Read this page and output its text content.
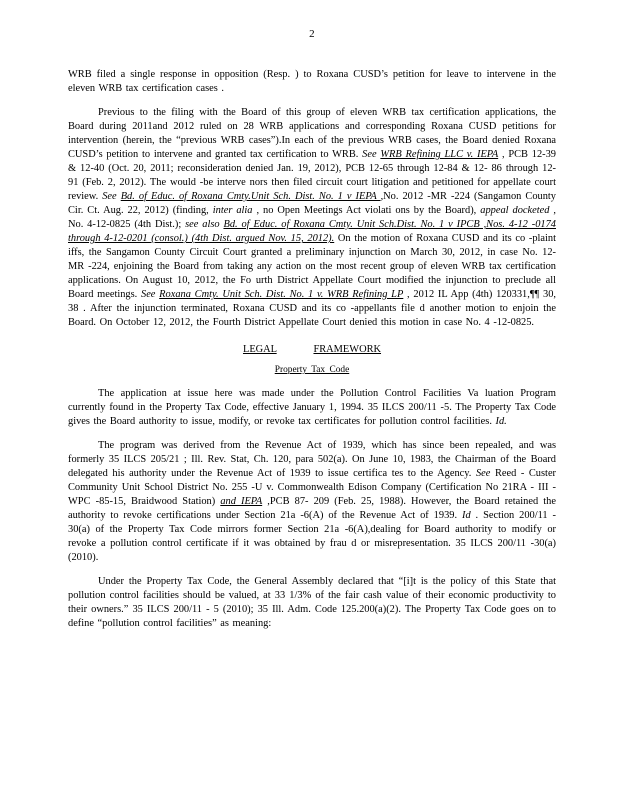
2

WRB filed a single response in opposition (Resp. ) to Roxana CUSD’s petition for leave to intervene in the eleven WRB tax certification cases .

Previous to the filing with the Board of this group of eleven WRB tax certification applications, the Board during 2011and 2012 ruled on 28 WRB applications and corresponding Roxana CUSD petitions for intervention (herein, the “previous WRB cases”).In each of the previous WRB cases, the Board denied Roxana CUSD’s petition to intervene and granted tax certification to WRB. See WRB Refining LLC v. IEPA , PCB 12-39 & 12-40 (Oct. 20, 2011; reconsideration denied Jan. 19, 2012), PCB 12-65 through 12-84 & 12- 86 through 12-91 (Feb. 2, 2012). The would -be interve nors then filed circuit court litigation and petitioned for appellate court review. See Bd. of Educ. of Roxana Cmty.Unit Sch. Dist. No. 1 v IEPA ,No. 2012 -MR -224 (Sangamon County Cir. Ct. Aug. 22, 2012) (finding, inter alia , no Open Meetings Act violati ons by the Board), appeal docketed , No. 4-12-0825 (4th Dist.); see also Bd. of Educ. of Roxana Cmty. Unit Sch.Dist. No. 1 v IPCB ,Nos. 4-12 -0174 through 4-12-0201 (consol.) (4th Dist. argued Nov. 15, 2012). On the motion of Roxana CUSD and its co -plaint iffs, the Sangamon County Circuit Court granted a preliminary injunction on March 30, 2012, in case No. 12-MR -224, enjoining the Board from taking any action on the most recent group of eleven WRB tax certification applications. On August 10, 2012, the Fo urth District Appellate Court modified the injunction to preclude all Board meetings. See Roxana Cmty. Unit Sch. Dist. No. 1 v. WRB Refining LP , 2012 IL App (4th) 120331,¶¶ 30, 38 . After the injunction terminated, Roxana CUSD and its co -appellants file d another motion to enjoin the Board. On October 12, 2012, the Fourth District Appellate Court denied this motion in case No. 4 -12-0825.

LEGAL	FRAMEWORK
Property Tax Code

The application at issue here was made under the Pollution Control Facilities Va luation Program currently found in the Property Tax Code, effective January 1, 1994. 35 ILCS 200/11 -5. The Property Tax Code gives the Board authority to issue, modify, or revoke tax certificates for pollution control facilities. Id.

The program was derived from the Revenue Act of 1939, which has since been repealed, and was formerly 35 ILCS 205/21 ; Ill. Rev. Stat, Ch. 120, para 502(a). On June 10, 1983, the Chairman of the Board delegated his authority under the Revenue Act of 1939 to issue certifica tes to the Agency. See Reed - Custer Community Unit School District No. 255 -U v. Commonwealth Edison Company (Certification No 21RA - III -WPC -85-15, Braidwood Station) and IEPA ,PCB 87- 209 (Feb. 25, 1988). However, the Board retained the authority to revoke certifications under Section 21a -6(A) of the Revenue Act of 1939. Id . Section 200/11 - 30(a) of the Property Tax Code mirrors former Section 21a -6(A),dealing for Board authority to modify or revoke a pollution control certificate if it was obtained by frau d or misrepresentation. 35 ILCS 200/11 -30(a) (2010).

Under the Property Tax Code, the General Assembly declared that “[i]t is the policy of this State that pollution control facilities should be valued, at 33 1/3% of the fair cash value of their economic productivity to their owners.” 35 ILCS 200/11 - 5 (2010); 35 Ill. Adm. Code 125.200(a)(2). The Property Tax Code goes on to define “pollution control facilities” as meaning:
